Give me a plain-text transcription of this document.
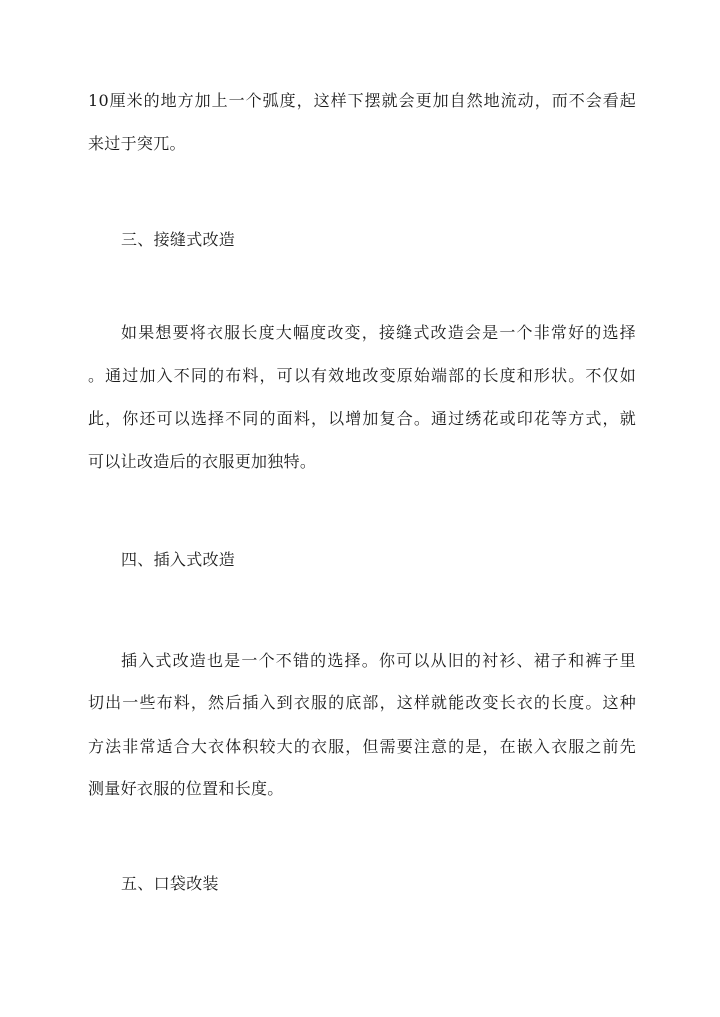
10厘米的地方加上一个弧度，这样下摆就会更加自然地流动，而不会看起
来过于突兀。
三、接缝式改造
如果想要将衣服长度大幅度改变，接缝式改造会是一个非常好的选择
。通过加入不同的布料，可以有效地改变原始端部的长度和形状。不仅如
此，你还可以选择不同的面料，以增加复合。通过绣花或印花等方式，就
可以让改造后的衣服更加独特。
四、插入式改造
插入式改造也是一个不错的选择。你可以从旧的衬衫、裙子和裤子里
切出一些布料，然后插入到衣服的底部，这样就能改变长衣的长度。这种
方法非常适合大衣体积较大的衣服，但需要注意的是，在嵌入衣服之前先
测量好衣服的位置和长度。
五、口袋改装
